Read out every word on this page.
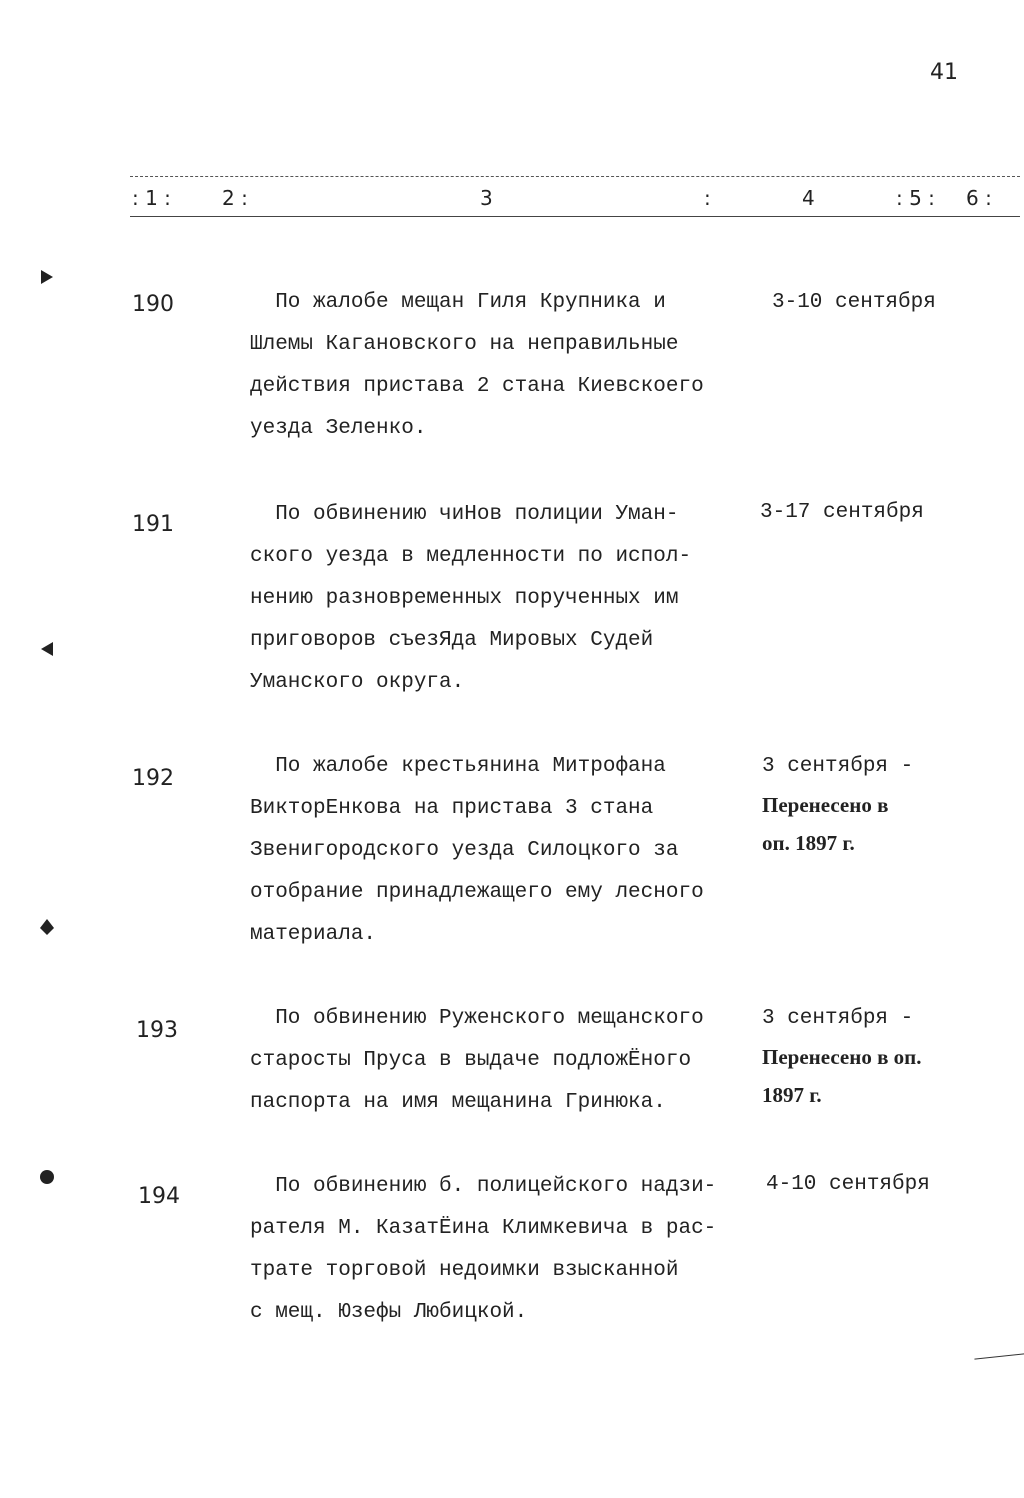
41
: 1 :	2 :	3	:	4	: 5 : 6 :
190	По жалобе мещан Гиля Крупника и
Шлемы Кагановского на неправильные
действия пристава 2 стана Киевскоего
уезда Зеленко.
3-10 сентября
191	По обвинению чиНов полиции Уман-
ского уезда в медленности по испол-
нению разновременных порученных им
приговоров съезЯда Мировых Судей
Уманского округа.
3-17 сентября
192	По жалобе крестьянина Митрофана
ВикторЕнкова на пристава 3 стана
Звенигородского уезда Силоцкого за
отобрание принадлежащего ему лесного
материала.
3 сентября -
Перенесено в
оп. 1897 г.
193	По обвинению Руженского мещанского
старосты Пруса в выдаче подложЁного
паспорта на имя мещанина Гринюка.
3 сентября -
Перенесено в оп.
1897 г.
194	По обвинению б. полицейского надзи-
рателя М. КазатЁина Климкевича в рас-
трате торговой недоимки взысканной
с мещ. Юзефы Любицкой.
4-10 сентября
